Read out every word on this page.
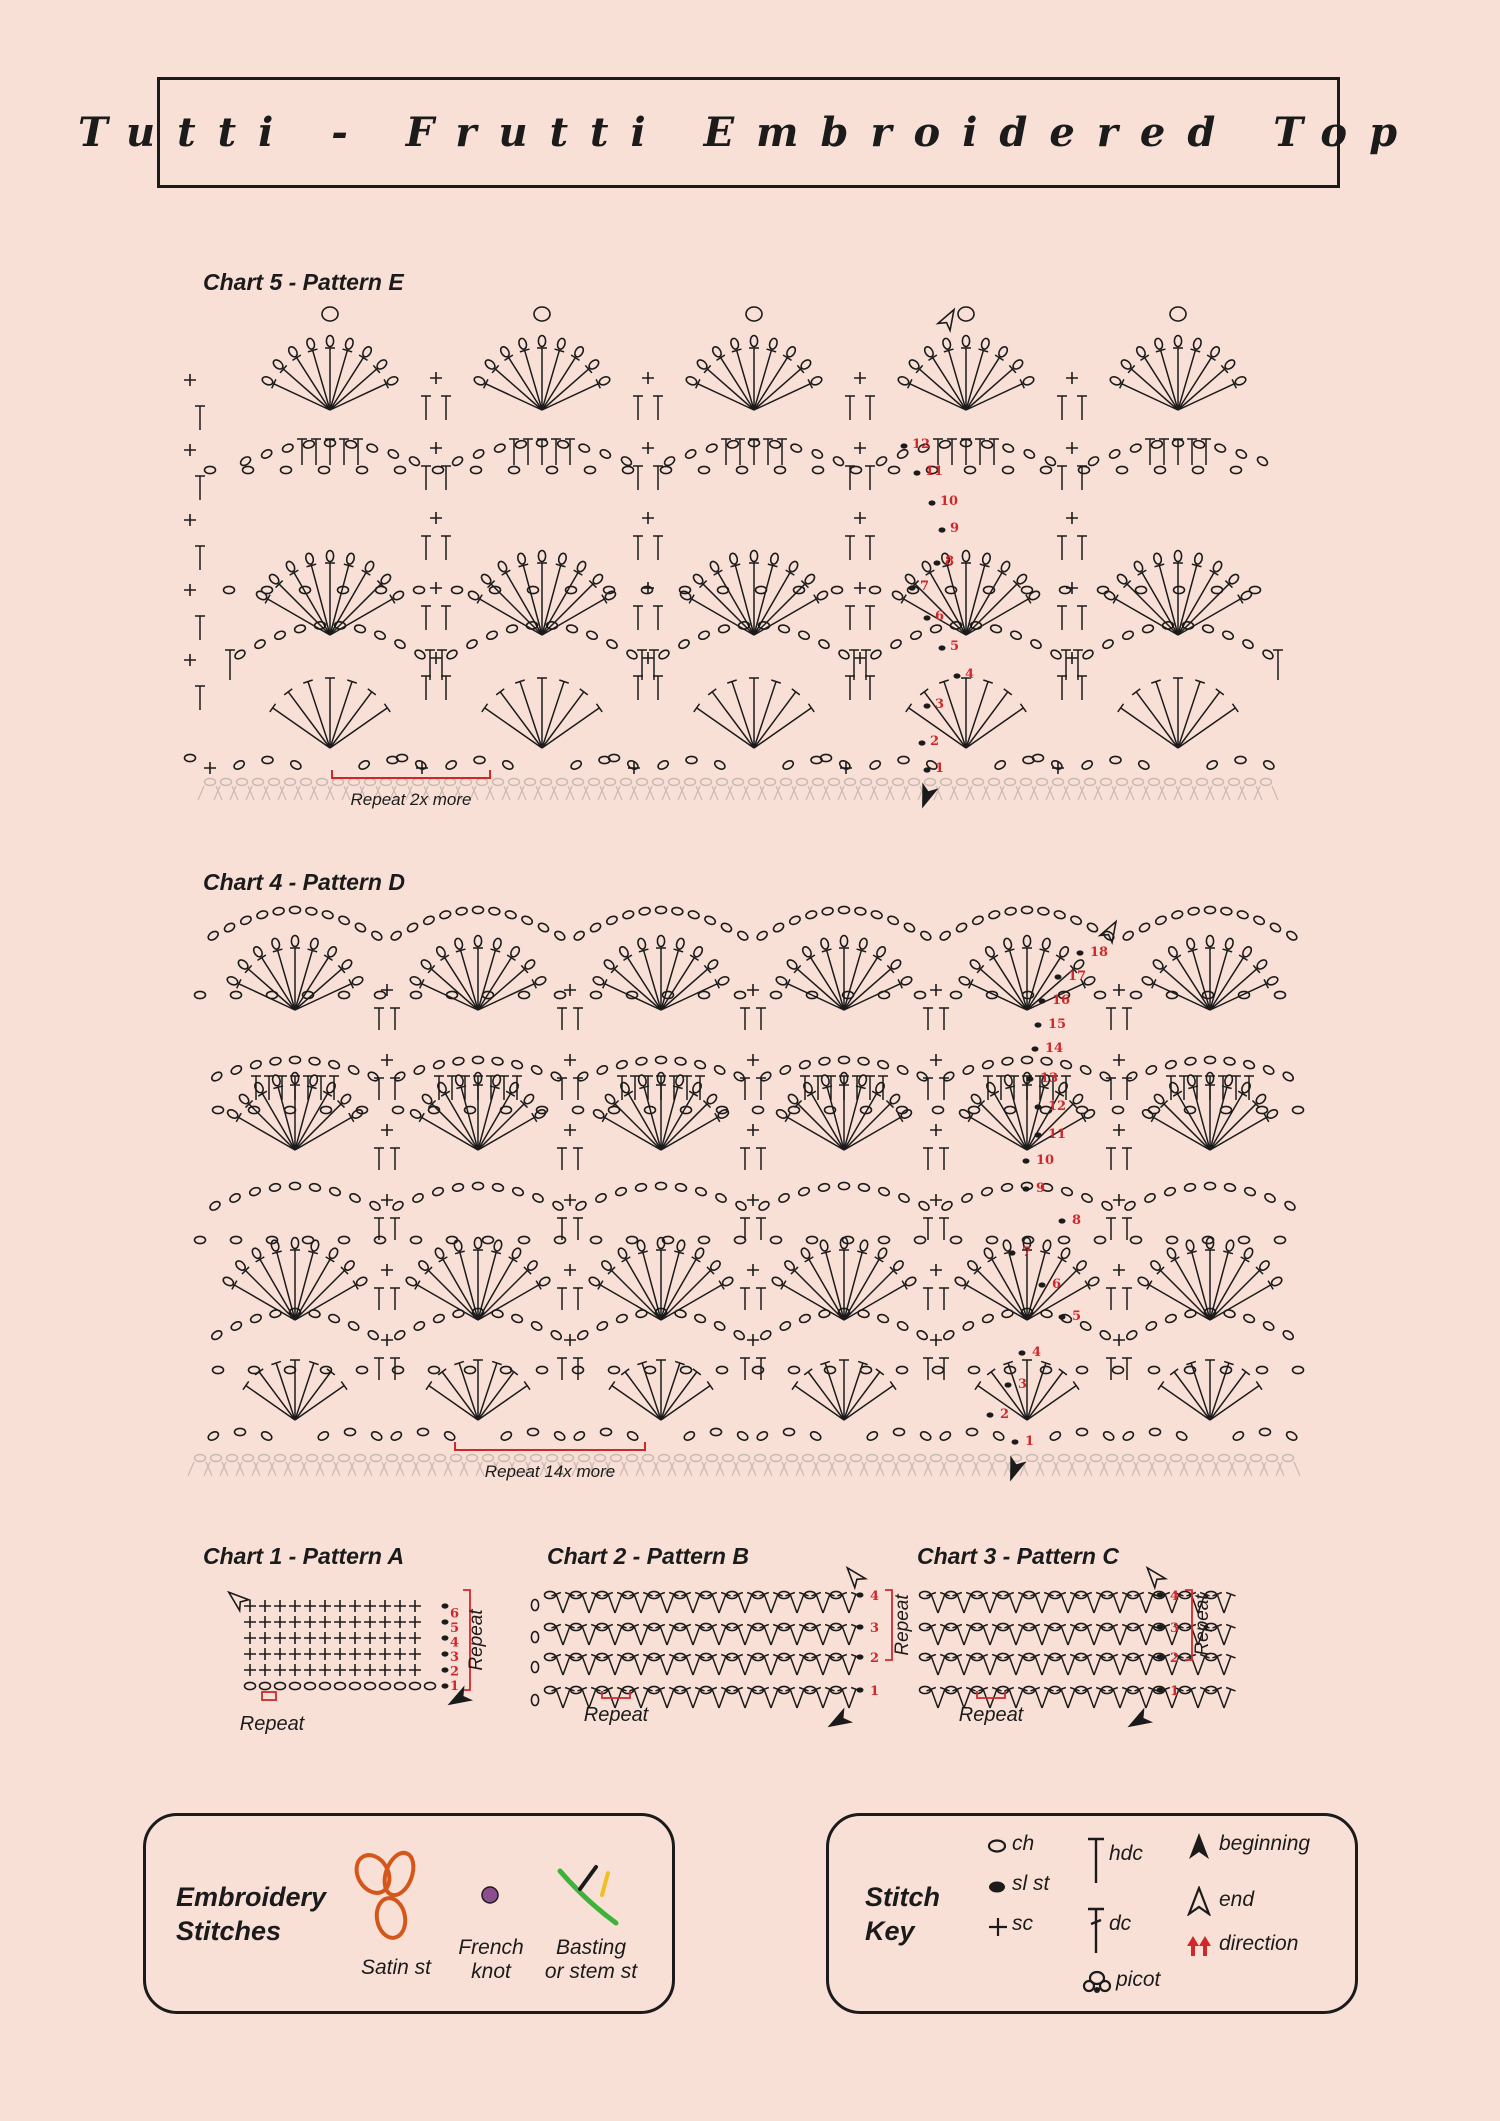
Tutti - Frutti Embroidered Top
Chart 5 - Pattern E
1
2
3
4
5
6
7
8
9
10
11
12
Repeat 2x more
Chart 4 - Pattern D
1
2
3
4
5
6
7
8
9
10
11
12
13
14
15
16
17
18
Repeat 14x more
Chart 1 - Pattern A
1
2
3
4
5
6 Repeat
Repeat
Chart 2 - Pattern B
1
2
3
4 Repeat
Repeat
Chart 3 - Pattern C
1
2
3
4 Repeat
Repeat
Embroidery
Stitches
Satin st
French
knot
Basting
or stem st
Stitch
Key
ch
sl st
sc
hdc
dc
picot
beginning
end
direction
